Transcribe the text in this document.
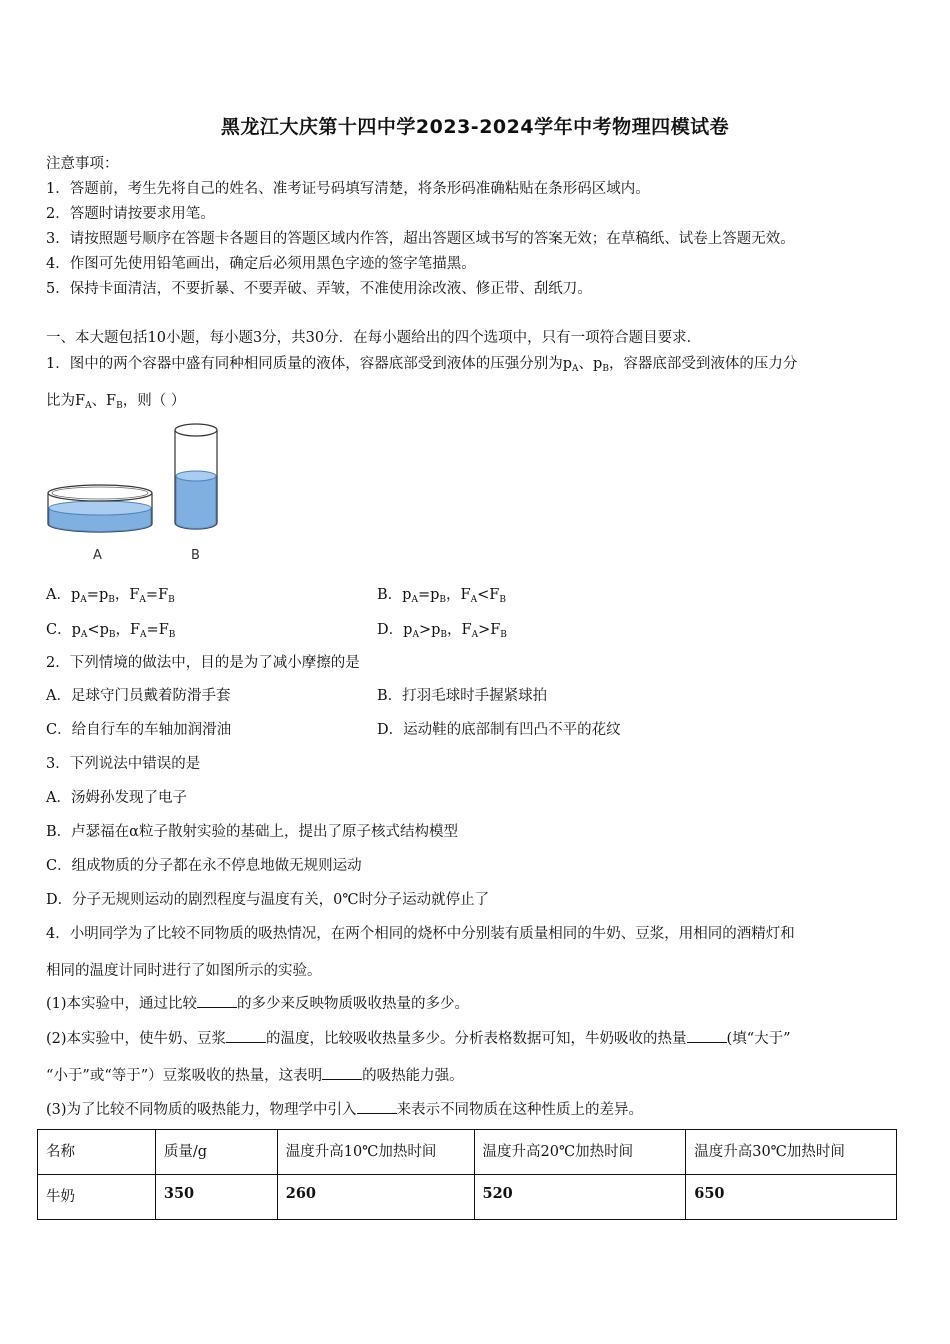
黑龙江大庆第十四中学2023-2024学年中考物理四模试卷
注意事项：
1．答题前，考生先将自己的姓名、准考证号码填写清楚，将条形码准确粘贴在条形码区域内。
2．答题时请按要求用笔。
3．请按照题号顺序在答题卡各题目的答题区域内作答，超出答题区域书写的答案无效；在草稿纸、试卷上答题无效。
4．作图可先使用铅笔画出，确定后必须用黑色字迹的签字笔描黑。
5．保持卡面清洁，不要折暴、不要弄破、弄皱，不准使用涂改液、修正带、刮纸刀。
一、本大题包括10小题，每小题3分，共30分．在每小题给出的四个选项中，只有一项符合题目要求．
1．图中的两个容器中盛有同种相同质量的液体，容器底部受到液体的压强分别为$p_A$、$p_B$，容器底部受到液体的压力分
比为$F_A$、$F_B$，则（ ）
A	B
A．$p_A=p_B$，$F_A=F_B$	B．$p_A=p_B$，$F_A<F_B$
C．$p_A<p_B$，$F_A=F_B$	D．$p_A>p_B$，$F_A>F_B$
2．下列情境的做法中，目的是为了减小摩擦的是
A．足球守门员戴着防滑手套	B．打羽毛球时手握紧球拍
C．给自行车的车轴加润滑油	D．运动鞋的底部制有凹凸不平的花纹
3．下列说法中错误的是
A．汤姆孙发现了电子
B．卢瑟福在α粒子散射实验的基础上，提出了原子核式结构模型
C．组成物质的分子都在永不停息地做无规则运动
D．分子无规则运动的剧烈程度与温度有关，0℃时分子运动就停止了
4．小明同学为了比较不同物质的吸热情况，在两个相同的烧杯中分别装有质量相同的牛奶、豆浆，用相同的酒精灯和
相同的温度计同时进行了如图所示的实验。
(1)本实验中，通过比较	的多少来反映物质吸收热量的多少。
(2)本实验中，使牛奶、豆浆	的温度，比较吸收热量多少。分析表格数据可知，牛奶吸收的热量	(填“大于”
“小于”或“等于”）豆浆吸收的热量，这表明	的吸热能力强。
(3)为了比较不同物质的吸热能力，物理学中引入	来表示不同物质在这种性质上的差异。
名称	质量/g	温度升高10℃加热时间	温度升高20℃加热时间	温度升高30℃加热时间
牛奶	350	260	520	650
